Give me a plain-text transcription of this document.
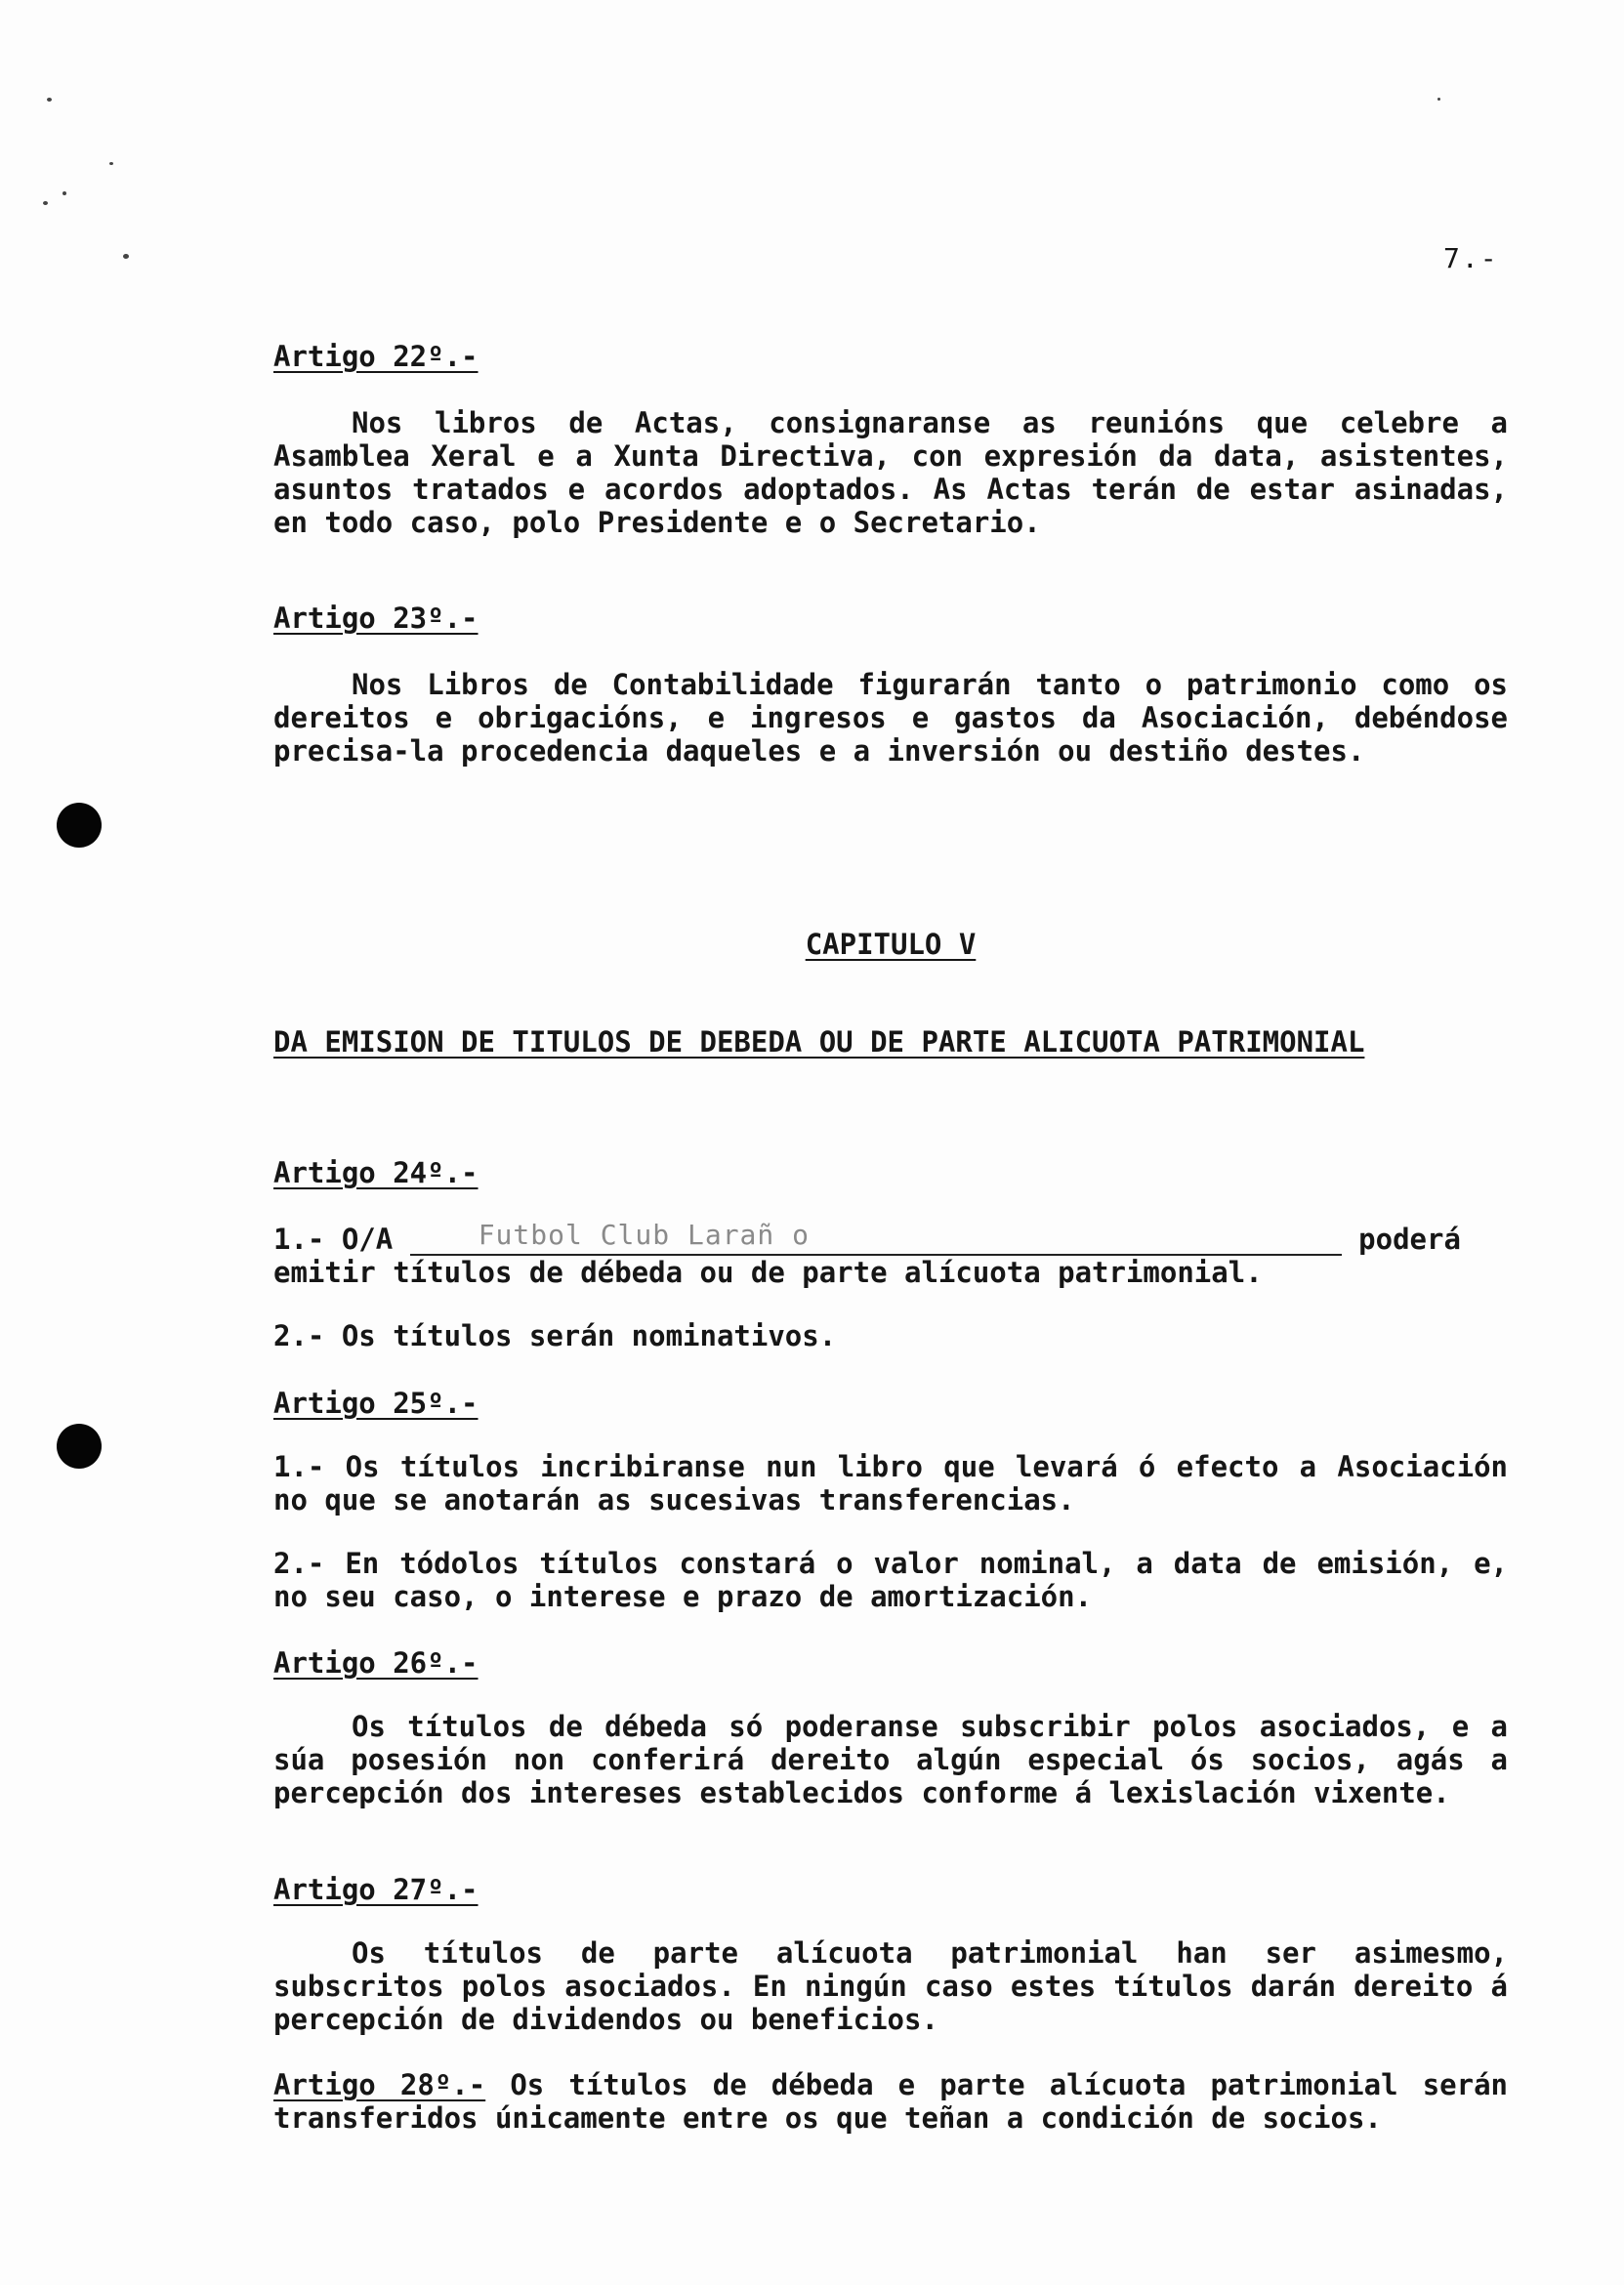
7.-
Artigo 22º.-
Nos libros de Actas, consignaranse as reunións que celebre a Asamblea Xeral e a Xunta Directiva, con expresión da data, asistentes, asuntos tratados e acordos adoptados. As Actas terán de estar asinadas, en todo caso, polo Presidente e o Secretario.
Artigo 23º.-
Nos Libros de Contabilidade figurarán tanto o patrimonio como os dereitos e obrigacións, e ingresos e gastos da Asociación, debéndose precisa-la procedencia daqueles e a inversión ou destiño destes.
CAPITULO V
DA EMISION DE TITULOS DE DEBEDA OU DE PARTE ALICUOTA PATRIMONIAL
Artigo 24º.-
1.- O/A	Futbol Club Larañ o	poderá
emitir títulos de débeda ou de parte alícuota patrimonial.
2.- Os títulos serán nominativos.
Artigo 25º.-
1.- Os títulos incribiranse nun libro que levará ó efecto a Asociación no que se anotarán as sucesivas transferencias.
2.- En tódolos títulos constará o valor nominal, a data de emisión, e, no seu caso, o interese e prazo de amortización.
Artigo 26º.-
Os títulos de débeda só poderanse subscribir polos asociados, e a súa posesión non conferirá dereito algún especial ós socios, agás a percepción dos intereses establecidos conforme á lexislación vixente.
Artigo 27º.-
Os títulos de parte alícuota patrimonial han ser asimesmo, subscritos polos asociados. En ningún caso estes títulos darán dereito á percepción de dividendos ou beneficios.
Artigo 28º.- Os títulos de débeda e parte alícuota patrimonial serán transferidos únicamente entre os que teñan a condición de socios.
